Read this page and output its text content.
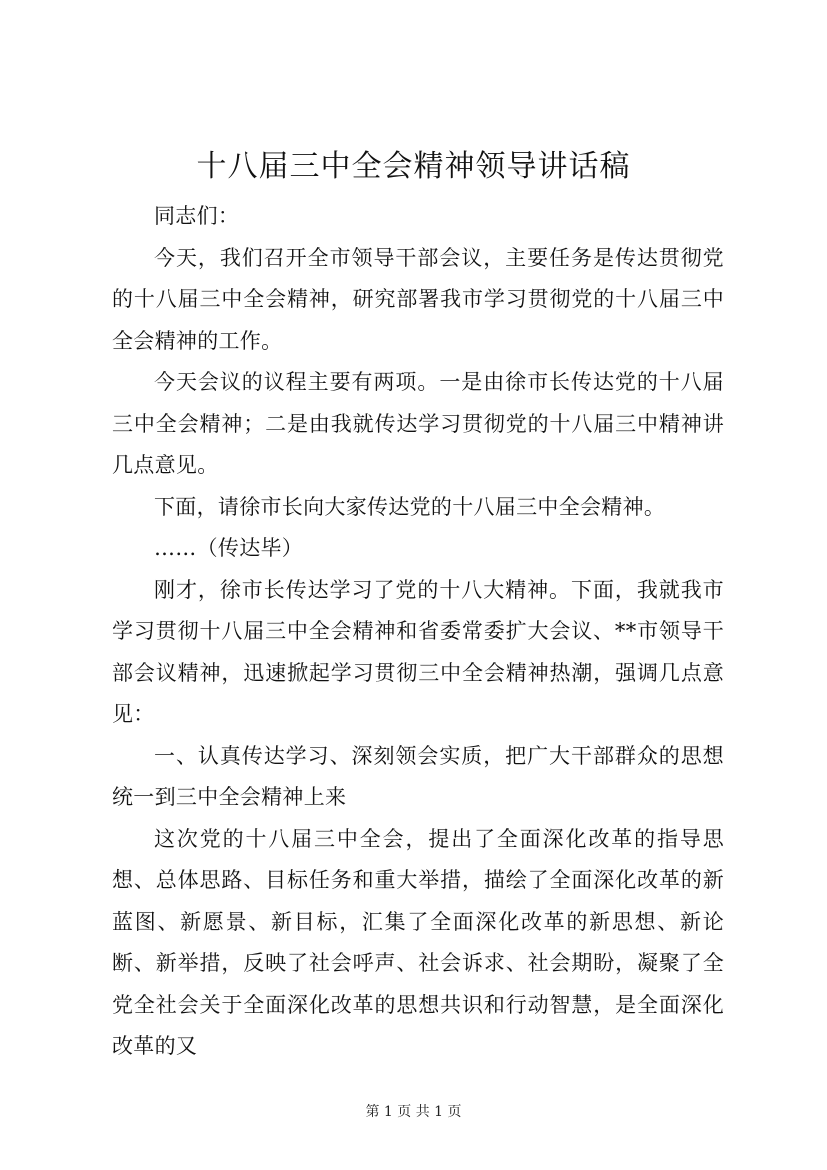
十八届三中全会精神领导讲话稿

同志们：

今天，我们召开全市领导干部会议，主要任务是传达贯彻党的十八届三中全会精神，研究部署我市学习贯彻党的十八届三中全会精神的工作。

今天会议的议程主要有两项。一是由徐市长传达党的十八届三中全会精神；二是由我就传达学习贯彻党的十八届三中精神讲几点意见。

下面，请徐市长向大家传达党的十八届三中全会精神。

……（传达毕）

刚才，徐市长传达学习了党的十八大精神。下面，我就我市学习贯彻十八届三中全会精神和省委常委扩大会议、**市领导干部会议精神，迅速掀起学习贯彻三中全会精神热潮，强调几点意见：

一、认真传达学习、深刻领会实质，把广大干部群众的思想统一到三中全会精神上来

这次党的十八届三中全会，提出了全面深化改革的指导思想、总体思路、目标任务和重大举措，描绘了全面深化改革的新蓝图、新愿景、新目标，汇集了全面深化改革的新思想、新论断、新举措，反映了社会呼声、社会诉求、社会期盼，凝聚了全党全社会关于全面深化改革的思想共识和行动智慧，是全面深化改革的又

第 1 页 共 1 页
